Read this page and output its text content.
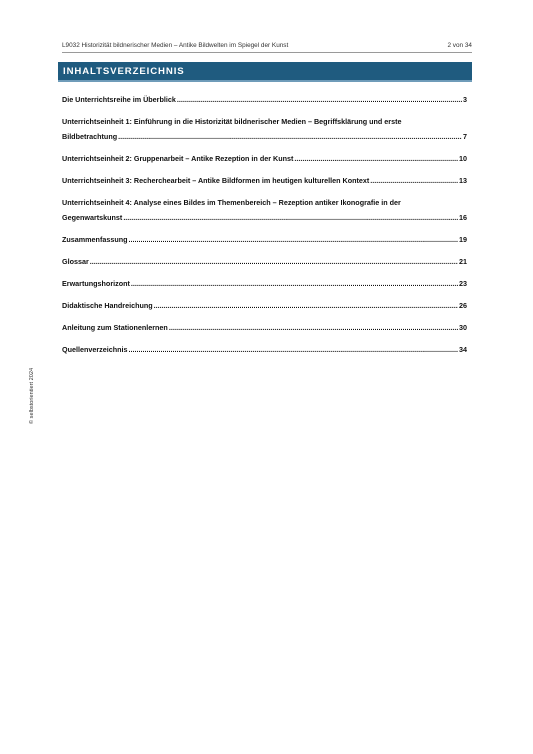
L9032 Historizität bildnerischer Medien – Antike Bildwelten im Spiegel der Kunst	2 von 34
INHALTSVERZEICHNIS
Die Unterrichtsreihe im Überblick .....	3
Unterrichtseinheit 1: Einführung in die Historizität bildnerischer Medien – Begriffsklärung und erste
Bildbetrachtung .....	7
Unterrichtseinheit 2: Gruppenarbeit – Antike Rezeption in der Kunst .....	10
Unterrichtseinheit 3: Recherchearbeit – Antike Bildformen im heutigen kulturellen Kontext .....	13
Unterrichtseinheit 4: Analyse eines Bildes im Themenbereich – Rezeption antiker Ikonografie in der
Gegenwartskunst .....	16
Zusammenfassung .....	19
Glossar .....	21
Erwartungshorizont .....	23
Didaktische Handreichung .....	26
Anleitung zum Stationenlernen .....	30
Quellenverzeichnis .....	34
© selbstorientiert 2024
